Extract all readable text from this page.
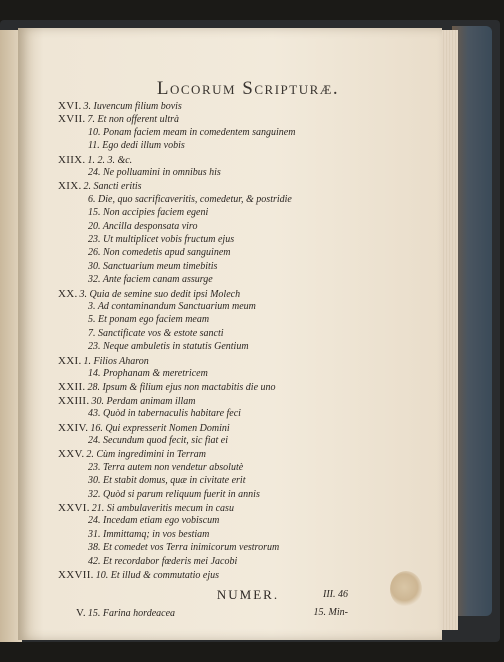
Locorum Scripturæ.
XVI. 3. Iuvencum filium bovis
XVII. 7. Et non offerent ultrà
10. Ponam faciem meam in comedentem sanguinem
11. Ego dedi illum vobis
XIIX. 1. 2. 3. &c.
24. Ne polluamini in omnibus his
XIX. 2. Sancti eritis
6. Die, quo sacrificaveritis, comedetur, & postridie
15. Non accipies faciem egeni
20. Ancilla desponsata viro
23. Ut multiplicet vobis fructum ejus
26. Non comedetis apud sanguinem
30. Sanctuarium meum timebitis
32. Ante faciem canam assurge
XX. 3. Quia de semine suo dedit ipsi Molech
3. Ad contaminandum Sanctuarium meum
5. Et ponam ego faciem meam
7. Sanctificate vos & estote sancti
23. Neque ambuletis in statutis Gentium
XXI. 1. Filios Aharon
14. Prophanam & meretricem
XXII. 28. Ipsum & filium ejus non mactabitis die uno
XXIII. 30. Perdam animam illam
43. Quòd in tabernaculis habitare feci
XXIV. 16. Qui expresserit Nomen Domini
24. Secundum quod fecit, sic fiat ei
XXV. 2. Cùm ingredimini in Terram
23. Terra autem non vendetur absolutè
30. Et stabit domus, quæ in civitate erit
32. Quòd si parum reliquum fuerit in annis
XXVI. 21. Si ambulaveritis mecum in casu
24. Incedam etiam ego vobiscum
31. Immittamq; in vos bestiam
38. Et comedet vos Terra inimicorum vestrorum
42. Et recordabor fœderis mei Jacobi
XXVII. 10. Et illud & commutatio ejus
NUMER.	III. 46
V. 15. Farina hordeacea	15. Min-
